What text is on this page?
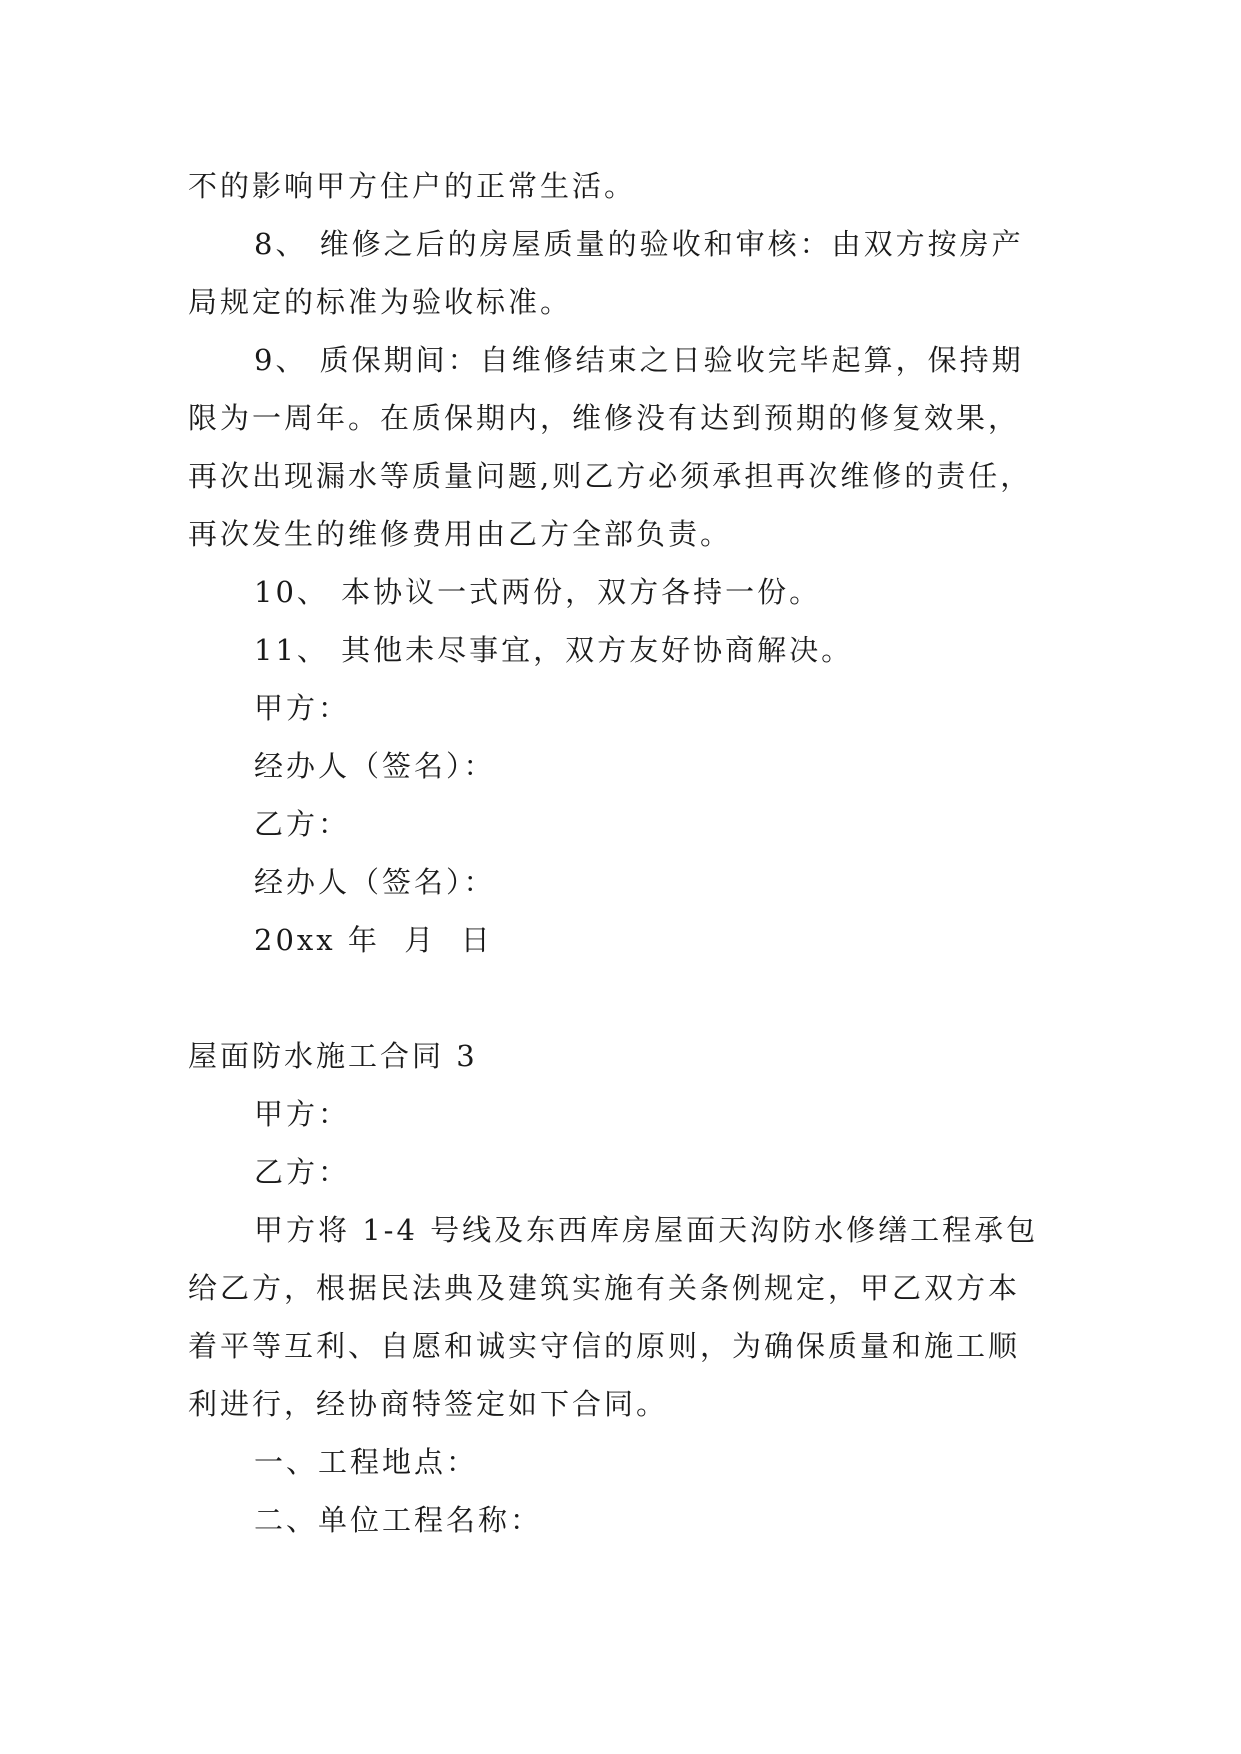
不的影响甲方住户的正常生活。
8、 维修之后的房屋质量的验收和审核：由双方按房产
局规定的标准为验收标准。
9、 质保期间：自维修结束之日验收完毕起算，保持期
限为一周年。在质保期内，维修没有达到预期的修复效果，
再次出现漏水等质量问题,则乙方必须承担再次维修的责任，
再次发生的维修费用由乙方全部负责。
10、 本协议一式两份，双方各持一份。
11、 其他未尽事宜，双方友好协商解决。
甲方：
经办人（签名）：
乙方：
经办人（签名）：
20xx 年  月  日
屋面防水施工合同 3
甲方：
乙方：
甲方将 1-4 号线及东西库房屋面天沟防水修缮工程承包
给乙方，根据民法典及建筑实施有关条例规定，甲乙双方本
着平等互利、自愿和诚实守信的原则，为确保质量和施工顺
利进行，经协商特签定如下合同。
一、工程地点：
二、单位工程名称：
